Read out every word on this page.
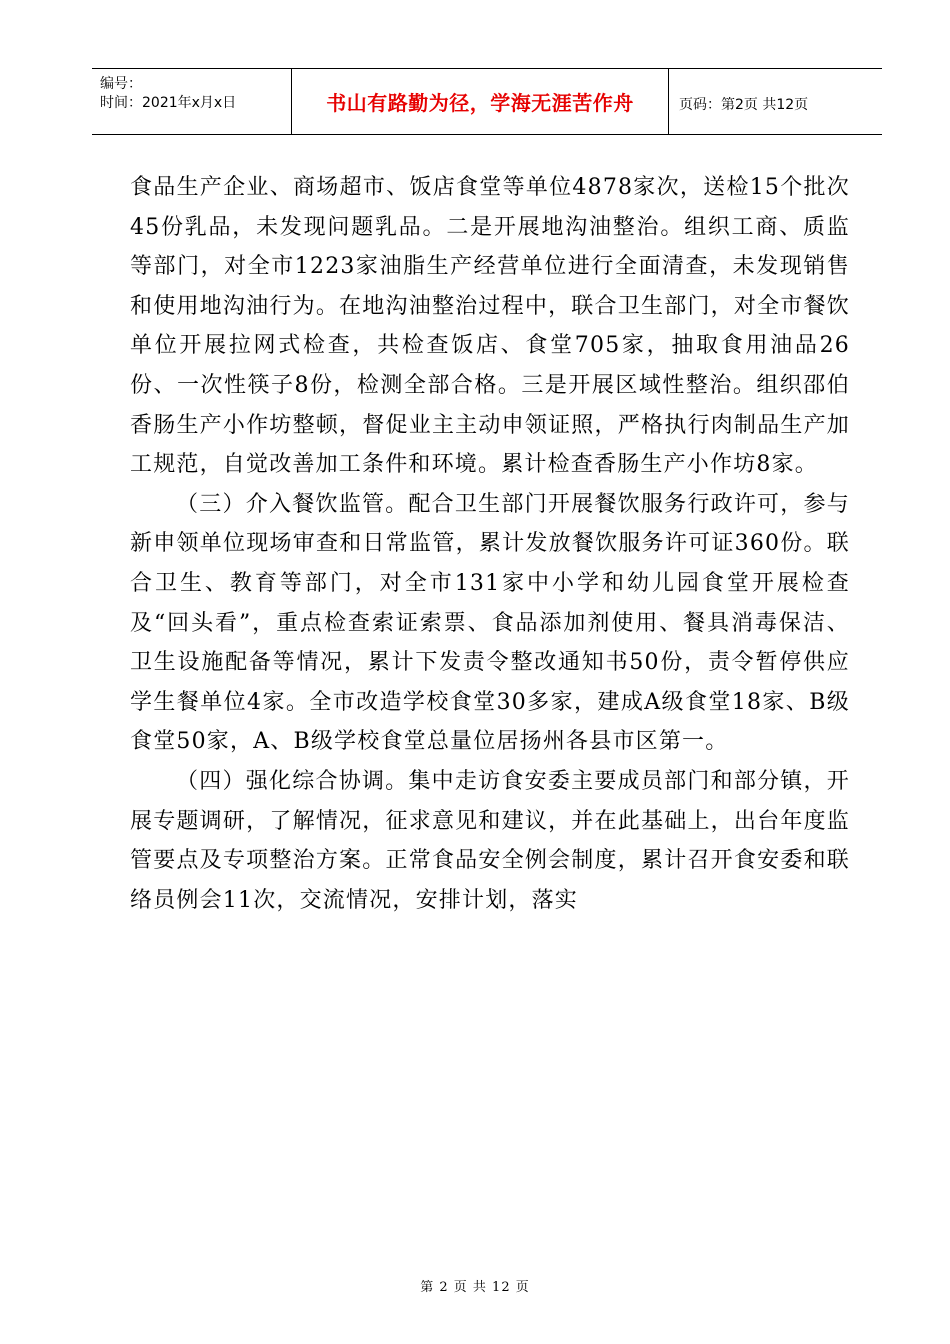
编号：
时间：2021年x月x日	书山有路勤为径，学海无涯苦作舟	页码：第2页 共12页

食品生产企业、商场超市、饭店食堂等单位4878家次，送检15个批次45份乳品，未发现问题乳品。二是开展地沟油整治。组织工商、质监等部门，对全市1223家油脂生产经营单位进行全面清查，未发现销售和使用地沟油行为。在地沟油整治过程中，联合卫生部门，对全市餐饮单位开展拉网式检查，共检查饭店、食堂705家，抽取食用油品26份、一次性筷子8份，检测全部合格。三是开展区域性整治。组织邵伯香肠生产小作坊整顿，督促业主主动申领证照，严格执行肉制品生产加工规范，自觉改善加工条件和环境。累计检查香肠生产小作坊8家。

（三）介入餐饮监管。配合卫生部门开展餐饮服务行政许可，参与新申领单位现场审查和日常监管，累计发放餐饮服务许可证360份。联合卫生、教育等部门，对全市131家中小学和幼儿园食堂开展检查及“回头看”，重点检查索证索票、食品添加剂使用、餐具消毒保洁、卫生设施配备等情况，累计下发责令整改通知书50份，责令暂停供应学生餐单位4家。全市改造学校食堂30多家，建成A级食堂18家、B级食堂50家，A、B级学校食堂总量位居扬州各县市区第一。

（四）强化综合协调。集中走访食安委主要成员部门和部分镇，开展专题调研，了解情况，征求意见和建议，并在此基础上，出台年度监管要点及专项整治方案。正常食品安全例会制度，累计召开食安委和联络员例会11次，交流情况，安排计划，落实

第 2 页 共 12 页
